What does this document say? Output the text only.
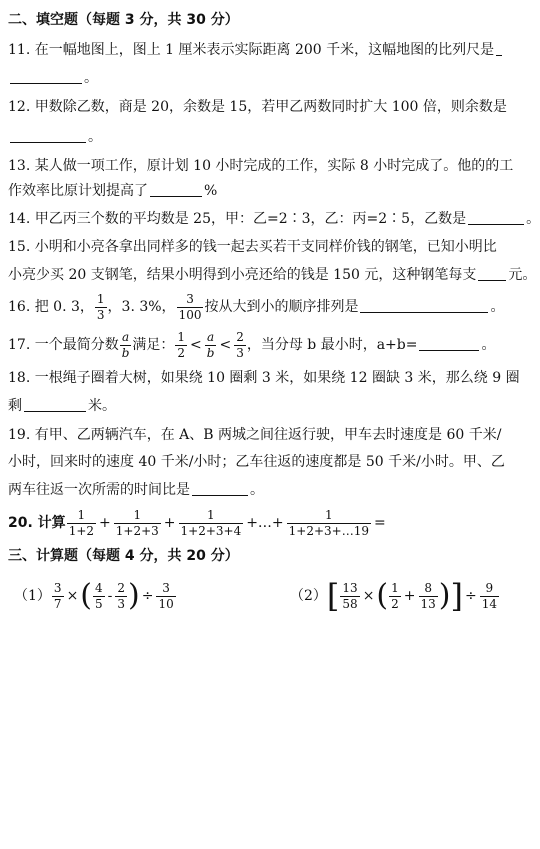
二、填空题（每题 3 分，共 30 分）
11. 在一幅地图上，图上 1 厘米表示实际距离 200 千米，这幅地图的比列尺是
。
12. 甲数除乙数，商是 20，余数是 15，若甲乙两数同时扩大 100 倍，则余数是
。
13. 某人做一项工作，原计划 10 小时完成的工作，实际 8 小时完成了。他的的工
作效率比原计划提高了	%
14. 甲乙丙三个数的平均数是 25，甲：乙=2∶3，乙：丙=2∶5，乙数是	。
15. 小明和小亮各拿出同样多的钱一起去买若干支同样价钱的钢笔，已知小明比
小亮少买 20 支钢笔，结果小明得到小亮还给的钱是 150 元，这种钢笔每支 元。
16. 把 0. 3， $\frac{1}{3}$ ，3. 3%， $\frac{3}{100}$ 按从大到小的顺序排列是	。
17. 一个最简分数 $\frac{a}{b}$ 满足： $\frac{1}{2} < \frac{a}{b} < \frac{2}{3}$ ，当分母 b 最小时，a+b=	。
18. 一根绳子圈着大树，如果绕 10 圈剩 3 米，如果绕 12 圈缺 3 米，那么绕 9 圈
剩	米。
19. 有甲、乙两辆汽车，在 A、B 两城之间往返行驶，甲车去时速度是 60 千米/
小时，回来时的速度 40 千米/小时；乙车往返的速度都是 50 千米/小时。甲、乙
两车往返一次所需的时间比是	。
20. 计算 $\frac{1}{1+2} + \frac{1}{1+2+3} + \frac{1}{1+2+3+4}$ +…+ $\frac{1}{1+2+3+\dots 19}$ =
三、计算题（每题 4 分，共 20 分）
$(1) \frac{3}{7}$ ×( $\frac{4}{5} - \frac{2}{3}$ ) ÷ $\frac{3}{10}$	$(2)[ \frac{13}{58}$ ×( $\frac{1}{2} + \frac{8}{13}$ )] ÷ $\frac{9}{14}$
